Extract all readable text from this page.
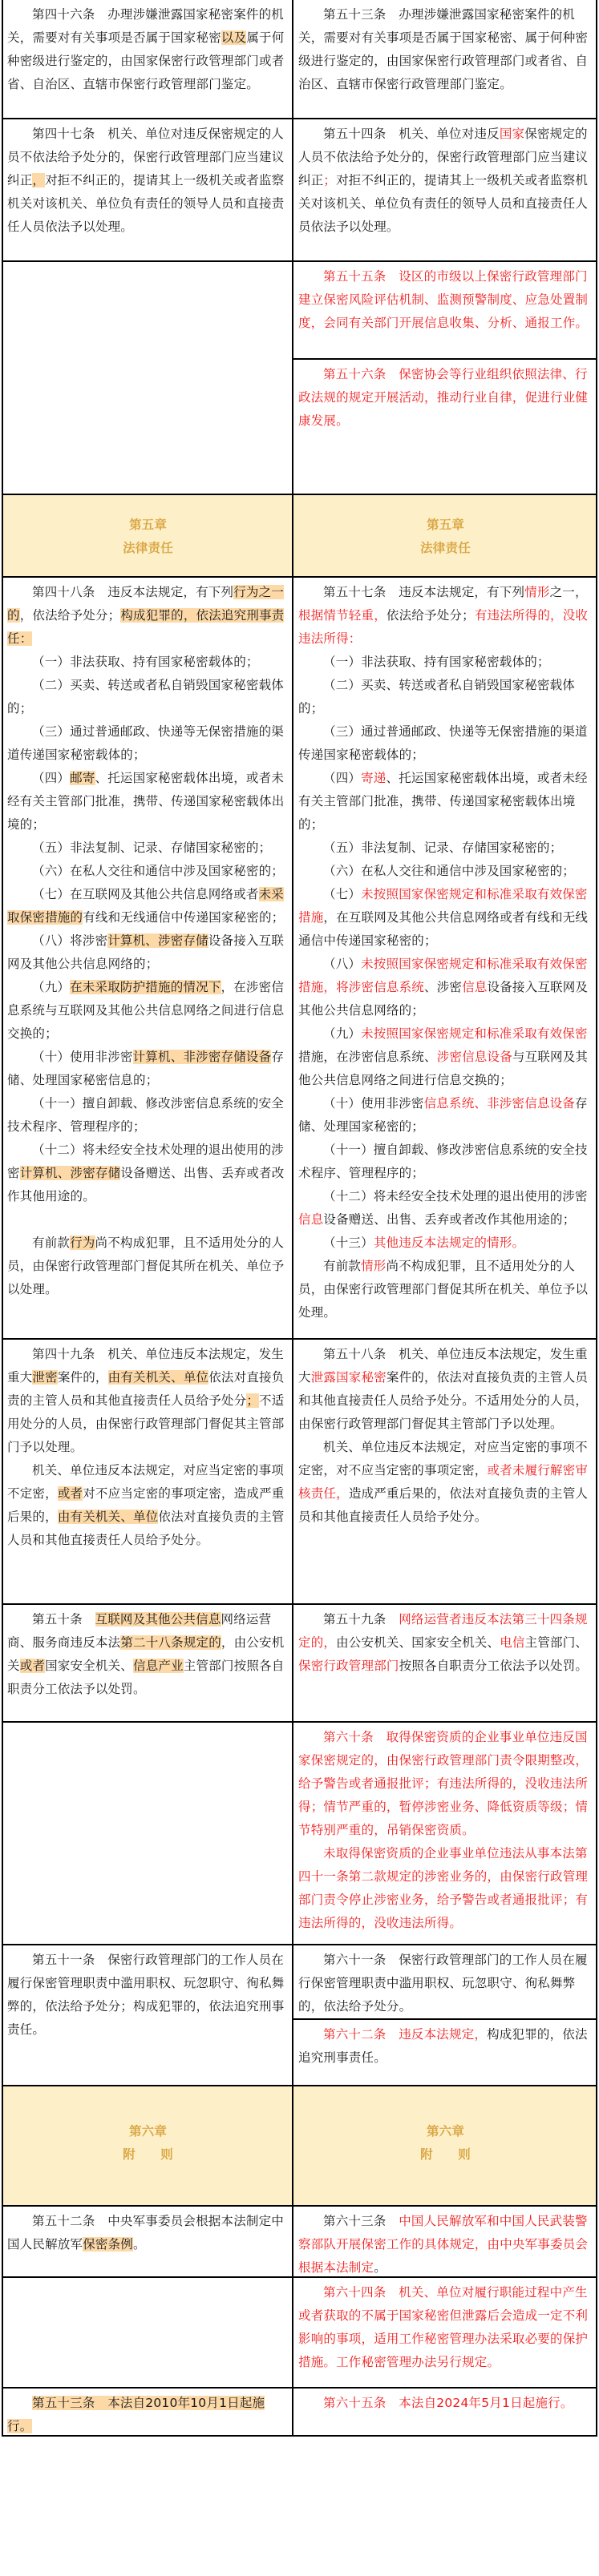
第四十六条　办理涉嫌泄露国家秘密案件的机关，需要对有关事项是否属于国家秘密以及属于何种密级进行鉴定的，由国家保密行政管理部门或者省、自治区、直辖市保密行政管理部门鉴定。

第五十三条　办理涉嫌泄露国家秘密案件的机关，需要对有关事项是否属于国家秘密、属于何种密级进行鉴定的，由国家保密行政管理部门或者省、自治区、直辖市保密行政管理部门鉴定。

第四十七条　机关、单位对违反保密规定的人员不依法给予处分的，保密行政管理部门应当建议纠正，对拒不纠正的，提请其上一级机关或者监察机关对该机关、单位负有责任的领导人员和直接责任人员依法予以处理。

第五十四条　机关、单位对违反国家保密规定的人员不依法给予处分的，保密行政管理部门应当建议纠正；对拒不纠正的，提请其上一级机关或者监察机关对该机关、单位负有责任的领导人员和直接责任人员依法予以处理。

第五十五条　设区的市级以上保密行政管理部门建立保密风险评估机制、监测预警制度、应急处置制度，会同有关部门开展信息收集、分析、通报工作。

第五十六条　保密协会等行业组织依照法律、行政法规的规定开展活动，推动行业自律，促进行业健康发展。

第五章
法律责任
第五章
法律责任

第四十八条　违反本法规定，有下列行为之一的，依法给予处分；构成犯罪的，依法追究刑事责任：

（一）非法获取、持有国家秘密载体的；

（二）买卖、转送或者私自销毁国家秘密载体的；

（三）通过普通邮政、快递等无保密措施的渠道传递国家秘密载体的；

（四）邮寄、托运国家秘密载体出境，或者未经有关主管部门批准，携带、传递国家秘密载体出境的；

（五）非法复制、记录、存储国家秘密的；

（六）在私人交往和通信中涉及国家秘密的；

（七）在互联网及其他公共信息网络或者未采取保密措施的有线和无线通信中传递国家秘密的；

（八）将涉密计算机、涉密存储设备接入互联网及其他公共信息网络的；

（九）在未采取防护措施的情况下，在涉密信息系统与互联网及其他公共信息网络之间进行信息交换的；

（十）使用非涉密计算机、非涉密存储设备存储、处理国家秘密信息的；

（十一）擅自卸载、修改涉密信息系统的安全技术程序、管理程序的；

（十二）将未经安全技术处理的退出使用的涉密计算机、涉密存储设备赠送、出售、丢弃或者改作其他用途的。

有前款行为尚不构成犯罪，且不适用处分的人员，由保密行政管理部门督促其所在机关、单位予以处理。

第五十七条　违反本法规定，有下列情形之一，根据情节轻重，依法给予处分；有违法所得的，没收违法所得：

（一）非法获取、持有国家秘密载体的；

（二）买卖、转送或者私自销毁国家秘密载体的；

（三）通过普通邮政、快递等无保密措施的渠道传递国家秘密载体的；

（四）寄递、托运国家秘密载体出境，或者未经有关主管部门批准，携带、传递国家秘密载体出境的；

（五）非法复制、记录、存储国家秘密的；

（六）在私人交往和通信中涉及国家秘密的；

（七）未按照国家保密规定和标准采取有效保密措施，在互联网及其他公共信息网络或者有线和无线通信中传递国家秘密的；

（八）未按照国家保密规定和标准采取有效保密措施，将涉密信息系统、涉密信息设备接入互联网及其他公共信息网络的；

（九）未按照国家保密规定和标准采取有效保密措施，在涉密信息系统、涉密信息设备与互联网及其他公共信息网络之间进行信息交换的；

（十）使用非涉密信息系统、非涉密信息设备存储、处理国家秘密的；

（十一）擅自卸载、修改涉密信息系统的安全技术程序、管理程序的；

（十二）将未经安全技术处理的退出使用的涉密信息设备赠送、出售、丢弃或者改作其他用途的；

（十三）其他违反本法规定的情形。

有前款情形尚不构成犯罪，且不适用处分的人员，由保密行政管理部门督促其所在机关、单位予以处理。

第四十九条　机关、单位违反本法规定，发生重大泄密案件的，由有关机关、单位依法对直接负责的主管人员和其他直接责任人员给予处分；不适用处分的人员，由保密行政管理部门督促其主管部门予以处理。

机关、单位违反本法规定，对应当定密的事项不定密，或者对不应当定密的事项定密，造成严重后果的，由有关机关、单位依法对直接负责的主管人员和其他直接责任人员给予处分。

第五十八条　机关、单位违反本法规定，发生重大泄露国家秘密案件的，依法对直接负责的主管人员和其他直接责任人员给予处分。不适用处分的人员，由保密行政管理部门督促其主管部门予以处理。

机关、单位违反本法规定，对应当定密的事项不定密，对不应当定密的事项定密，或者未履行解密审核责任，造成严重后果的，依法对直接负责的主管人员和其他直接责任人员给予处分。

第五十条　互联网及其他公共信息网络运营商、服务商违反本法第二十八条规定的，由公安机关或者国家安全机关、信息产业主管部门按照各自职责分工依法予以处罚。

第五十九条　网络运营者违反本法第三十四条规定的，由公安机关、国家安全机关、电信主管部门、保密行政管理部门按照各自职责分工依法予以处罚。

第六十条　取得保密资质的企业事业单位违反国家保密规定的，由保密行政管理部门责令限期整改，给予警告或者通报批评；有违法所得的，没收违法所得；情节严重的，暂停涉密业务、降低资质等级；情节特别严重的，吊销保密资质。

未取得保密资质的企业事业单位违法从事本法第四十一条第二款规定的涉密业务的，由保密行政管理部门责令停止涉密业务，给予警告或者通报批评；有违法所得的，没收违法所得。

第五十一条　保密行政管理部门的工作人员在履行保密管理职责中滥用职权、玩忽职守、徇私舞弊的，依法给予处分；构成犯罪的，依法追究刑事责任。

第六十一条　保密行政管理部门的工作人员在履行保密管理职责中滥用职权、玩忽职守、徇私舞弊的，依法给予处分。

第六十二条　违反本法规定，构成犯罪的，依法追究刑事责任。

第六章
附　　则
第六章
附　　则

第五十二条　中央军事委员会根据本法制定中国人民解放军保密条例。

第六十三条　中国人民解放军和中国人民武装警察部队开展保密工作的具体规定，由中央军事委员会根据本法制定。

第六十四条　机关、单位对履行职能过程中产生或者获取的不属于国家秘密但泄露后会造成一定不利影响的事项，适用工作秘密管理办法采取必要的保护措施。工作秘密管理办法另行规定。

第五十三条　本法自2010年10月1日起施行。

第六十五条　本法自2024年5月1日起施行。
